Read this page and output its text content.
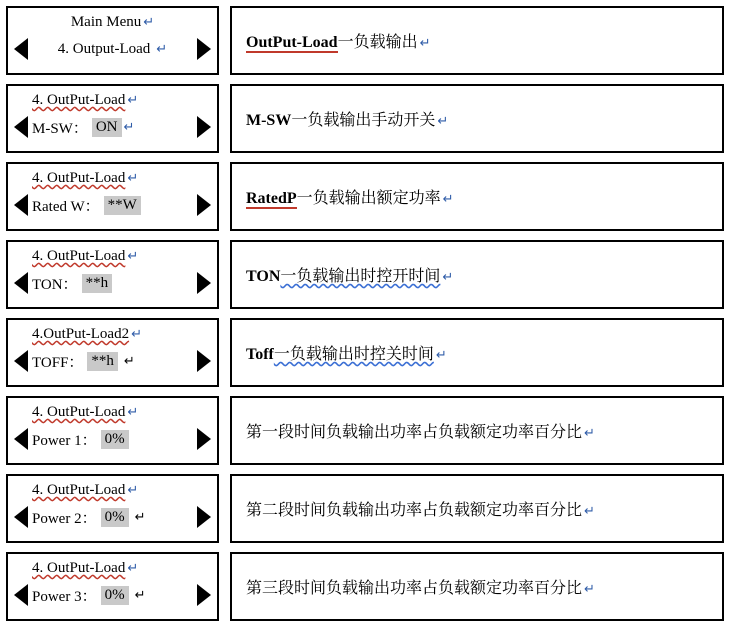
Main Menu ↵
4. Output-Load ↵	OutPut-Load一负载输出 ↵
4. OutPut-Load ↵
M-SW： ON ↵	M-SW一负载输出手动开关 ↵
4. OutPut-Load ↵
Rated W： **W	RatedP一负载输出额定功率 ↵
4. OutPut-Load ↵
TON： **h	TON一负载输出时控开时间 ↵
4.OutPut-Load2 ↵
TOFF： **h ↵	Toff一负载输出时控关时间 ↵
4. OutPut-Load ↵
Power 1： 0%	第一段时间负载输出功率占负载额定功率百分比 ↵
4. OutPut-Load ↵
Power 2： 0% ↵	第二段时间负载输出功率占负载额定功率百分比 ↵
4. OutPut-Load ↵
Power 3： 0% ↵	第三段时间负载输出功率占负载额定功率百分比 ↵
